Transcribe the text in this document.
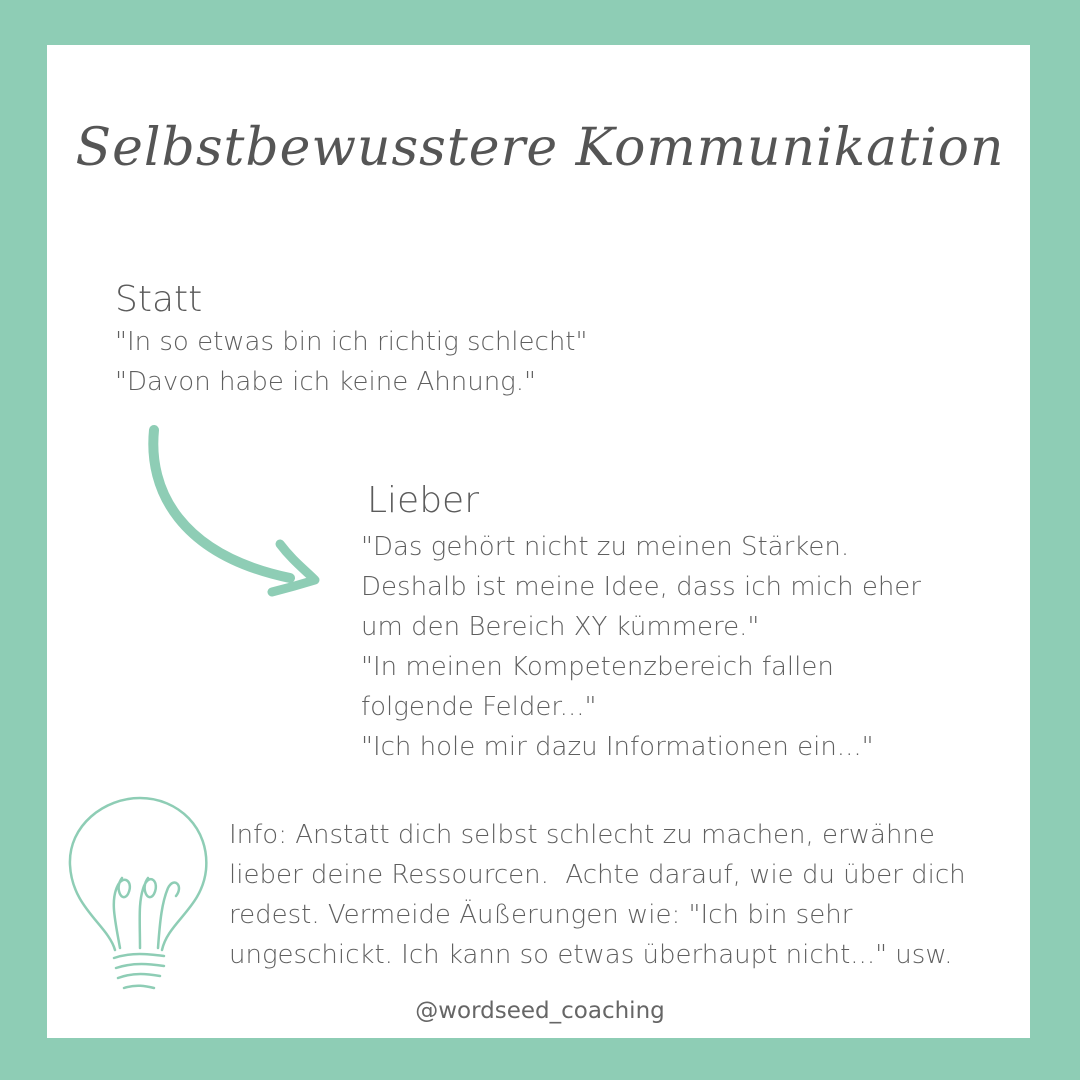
Selbstbewusstere Kommunikation
Statt
"In so etwas bin ich richtig schlecht"
"Davon habe ich keine Ahnung."
Lieber
"Das gehört nicht zu meinen Stärken.
Deshalb ist meine Idee, dass ich mich eher
um den Bereich XY kümmere."
"In meinen Kompetenzbereich fallen
folgende Felder..."
"Ich hole mir dazu Informationen ein..."
Info: Anstatt dich selbst schlecht zu machen, erwähne lieber deine Ressourcen.  Achte darauf, wie du über dich redest. Vermeide Äußerungen wie: "Ich bin sehr ungeschickt. Ich kann so etwas überhaupt nicht..." usw.
@wordseed_coaching
